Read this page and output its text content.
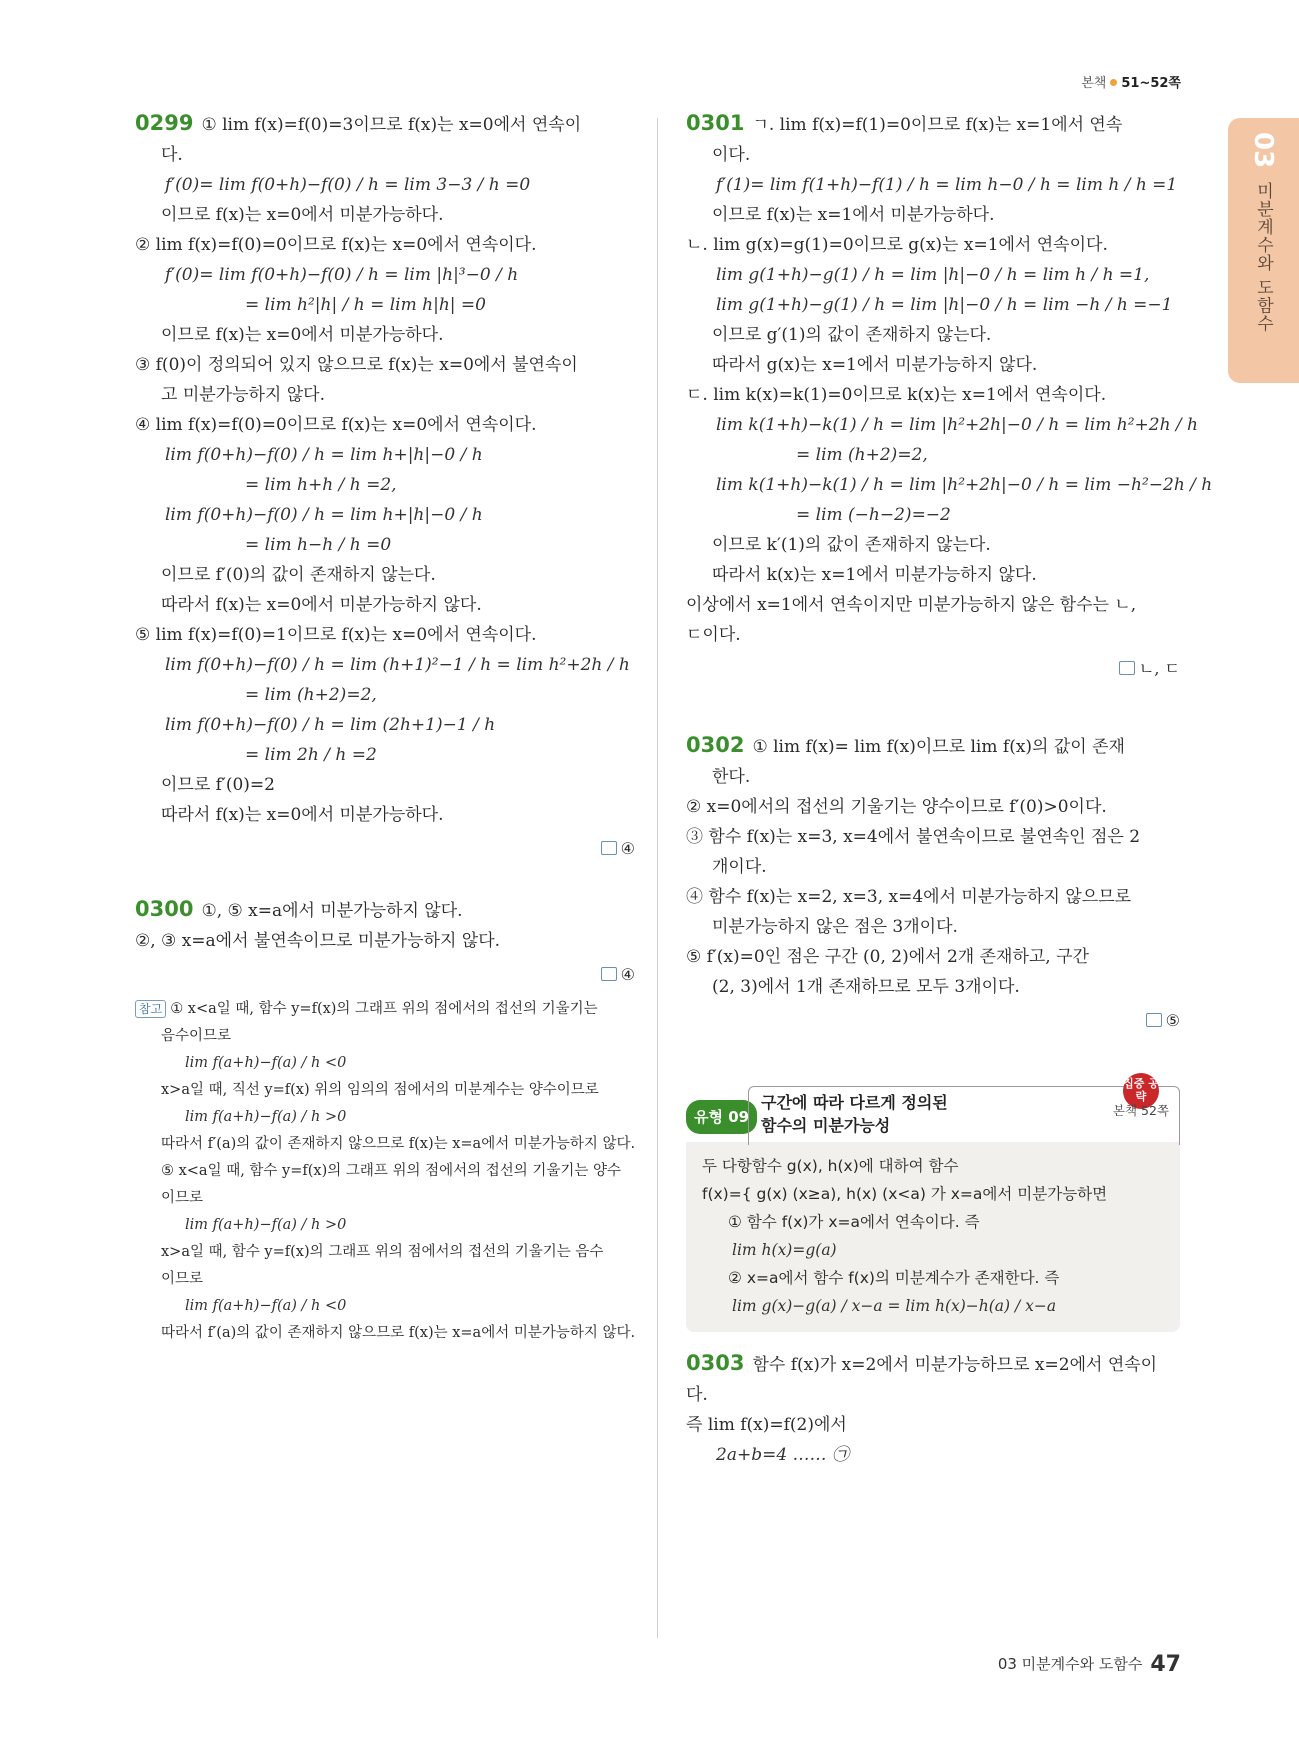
본책 51~52쪽
03
미분계수와 도함수
0299 ① lim f(x)=f(0)=3이므로 f(x)는 x=0에서 연속이
다.
f′(0)= lim f(0+h)−f(0) / h = lim 3−3 / h =0
이므로 f(x)는 x=0에서 미분가능하다.
② lim f(x)=f(0)=0이므로 f(x)는 x=0에서 연속이다.
f′(0)= lim f(0+h)−f(0) / h = lim |h|³−0 / h
= lim h²|h| / h = lim h|h| =0
이므로 f(x)는 x=0에서 미분가능하다.
③ f(0)이 정의되어 있지 않으므로 f(x)는 x=0에서 불연속이
고 미분가능하지 않다.
④ lim f(x)=f(0)=0이므로 f(x)는 x=0에서 연속이다.
lim f(0+h)−f(0) / h = lim h+|h|−0 / h
= lim h+h / h =2,
lim f(0+h)−f(0) / h = lim h+|h|−0 / h
= lim h−h / h =0
이므로 f′(0)의 값이 존재하지 않는다.
따라서 f(x)는 x=0에서 미분가능하지 않다.
⑤ lim f(x)=f(0)=1이므로 f(x)는 x=0에서 연속이다.
lim f(0+h)−f(0) / h = lim (h+1)²−1 / h = lim h²+2h / h
= lim (h+2)=2,
lim f(0+h)−f(0) / h = lim (2h+1)−1 / h
= lim 2h / h =2
이므로 f′(0)=2
따라서 f(x)는 x=0에서 미분가능하다.
④
0300 ①, ⑤ x=a에서 미분가능하지 않다.
②, ③ x=a에서 불연속이므로 미분가능하지 않다.
④
참고 ① x<a일 때, 함수 y=f(x)의 그래프 위의 점에서의 접선의 기울기는
음수이므로
lim f(a+h)−f(a) / h <0
x>a일 때, 직선 y=f(x) 위의 임의의 점에서의 미분계수는 양수이므로
lim f(a+h)−f(a) / h >0
따라서 f′(a)의 값이 존재하지 않으므로 f(x)는 x=a에서 미분가능하지 않다.
⑤ x<a일 때, 함수 y=f(x)의 그래프 위의 점에서의 접선의 기울기는 양수
이므로
lim f(a+h)−f(a) / h >0
x>a일 때, 함수 y=f(x)의 그래프 위의 점에서의 접선의 기울기는 음수
이므로
lim f(a+h)−f(a) / h <0
따라서 f′(a)의 값이 존재하지 않으므로 f(x)는 x=a에서 미분가능하지 않다.
0301 ㄱ. lim f(x)=f(1)=0이므로 f(x)는 x=1에서 연속
이다.
f′(1)= lim f(1+h)−f(1) / h = lim h−0 / h = lim h / h =1
이므로 f(x)는 x=1에서 미분가능하다.
ㄴ. lim g(x)=g(1)=0이므로 g(x)는 x=1에서 연속이다.
lim g(1+h)−g(1) / h = lim |h|−0 / h = lim h / h =1,
lim g(1+h)−g(1) / h = lim |h|−0 / h = lim −h / h =−1
이므로 g′(1)의 값이 존재하지 않는다.
따라서 g(x)는 x=1에서 미분가능하지 않다.
ㄷ. lim k(x)=k(1)=0이므로 k(x)는 x=1에서 연속이다.
lim k(1+h)−k(1) / h = lim |h²+2h|−0 / h = lim h²+2h / h
= lim (h+2)=2,
lim k(1+h)−k(1) / h = lim |h²+2h|−0 / h = lim −h²−2h / h
= lim (−h−2)=−2
이므로 k′(1)의 값이 존재하지 않는다.
따라서 k(x)는 x=1에서 미분가능하지 않다.
이상에서 x=1에서 연속이지만 미분가능하지 않은 함수는 ㄴ,
ㄷ이다.
ㄴ, ㄷ
0302 ① lim f(x)= lim f(x)이므로 lim f(x)의 값이 존재
한다.
② x=0에서의 접선의 기울기는 양수이므로 f′(0)>0이다.
③ 함수 f(x)는 x=3, x=4에서 불연속이므로 불연속인 점은 2
개이다.
④ 함수 f(x)는 x=2, x=3, x=4에서 미분가능하지 않으므로
미분가능하지 않은 점은 3개이다.
⑤ f′(x)=0인 점은 구간 (0, 2)에서 2개 존재하고, 구간
(2, 3)에서 1개 존재하므로 모두 3개이다.
⑤
유형 09
구간에 따라 다르게 정의된
함수의 미분가능성
집중 공략
본책 52쪽
두 다항함수 g(x), h(x)에 대하여 함수
f(x)={ g(x) (x≥a), h(x) (x<a) 가 x=a에서 미분가능하면
① 함수 f(x)가 x=a에서 연속이다. 즉
lim h(x)=g(a)
② x=a에서 함수 f(x)의 미분계수가 존재한다. 즉
lim g(x)−g(a) / x−a = lim h(x)−h(a) / x−a
0303 함수 f(x)가 x=2에서 미분가능하므로 x=2에서 연속이
다.
즉 lim f(x)=f(2)에서
2a+b=4 …… ㉠
03 미분계수와 도함수 47
